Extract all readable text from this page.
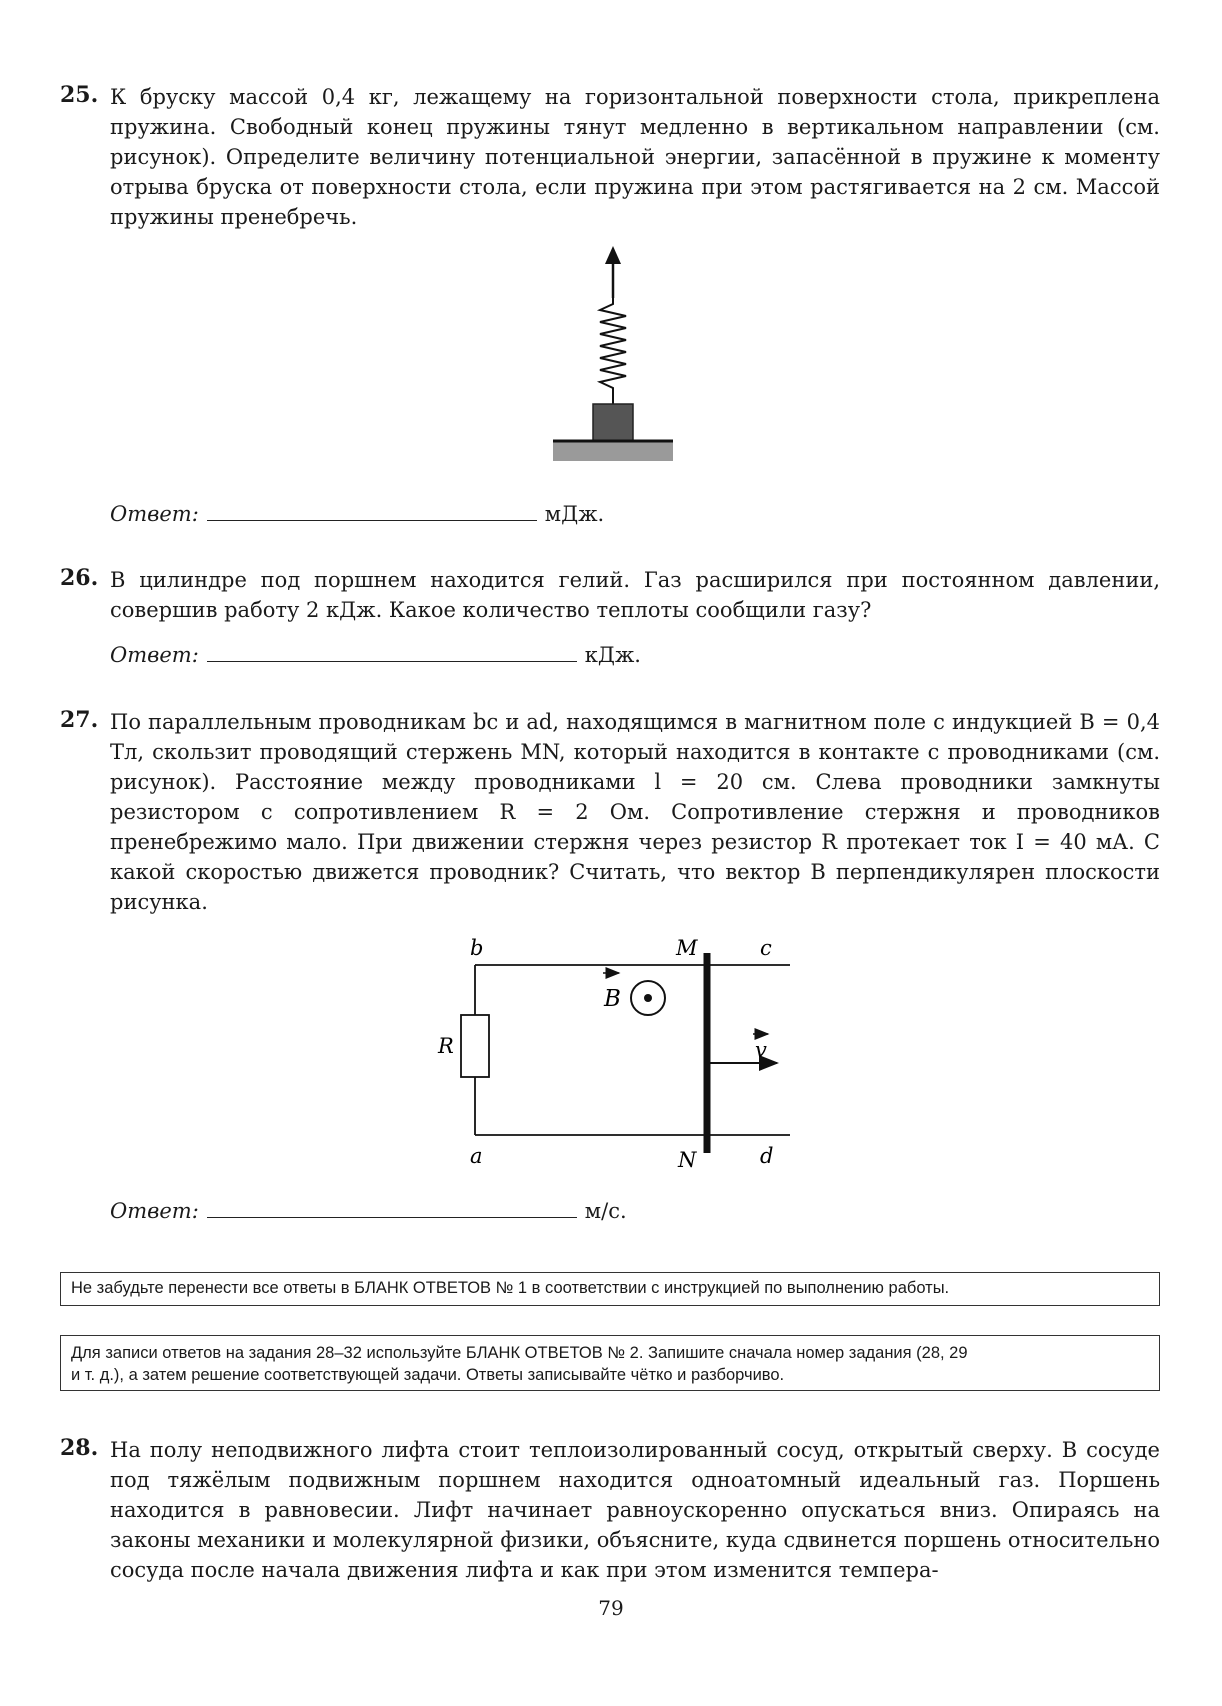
25. К бруску массой 0,4 кг, лежащему на горизонтальной поверхности стола, прикреплена пружина. Свободный конец пружины тянут медленно в вертикальном направлении (см. рисунок). Определите величину потенциальной энергии, запасённой в пружине к моменту отрыва бруска от поверхности стола, если пружина при этом растягивается на 2 см. Массой пружины пренебречь.
Ответ:	мДж.
26. В цилиндре под поршнем находится гелий. Газ расширился при постоянном давлении, совершив работу 2 кДж. Какое количество теплоты сообщили газу?
Ответ:	кДж.
27. По параллельным проводникам bc и ad, находящимся в магнитном поле с индукцией B = 0,4 Тл, скользит проводящий стержень MN, который находится в контакте с проводниками (см. рисунок). Расстояние между проводниками l = 20 см. Слева проводники замкнуты резистором с сопротивлением R = 2 Ом. Сопротивление стержня и проводников пренебрежимо мало. При движении стержня через резистор R протекает ток I = 40 мА. С какой скоростью движется проводник? Считать, что вектор B перпендикулярен плоскости рисунка.
b	M	c
a	N	d
R
B
v
Ответ:	м/с.
Не забудьте перенести все ответы в БЛАНК ОТВЕТОВ № 1 в соответствии с инструкцией по выполнению работы.
Для записи ответов на задания 28–32 используйте БЛАНК ОТВЕТОВ № 2. Запишите сначала номер задания (28, 29
и т. д.), а затем решение соответствующей задачи. Ответы записывайте чётко и разборчиво.
28. На полу неподвижного лифта стоит теплоизолированный сосуд, открытый сверху. В сосуде под тяжёлым подвижным поршнем находится одноатомный идеальный газ. Поршень находится в равновесии. Лифт начинает равноускоренно опускаться вниз. Опираясь на законы механики и молекулярной физики, объясните, куда сдвинется поршень относительно сосуда после начала движения лифта и как при этом изменится темпера-
79
